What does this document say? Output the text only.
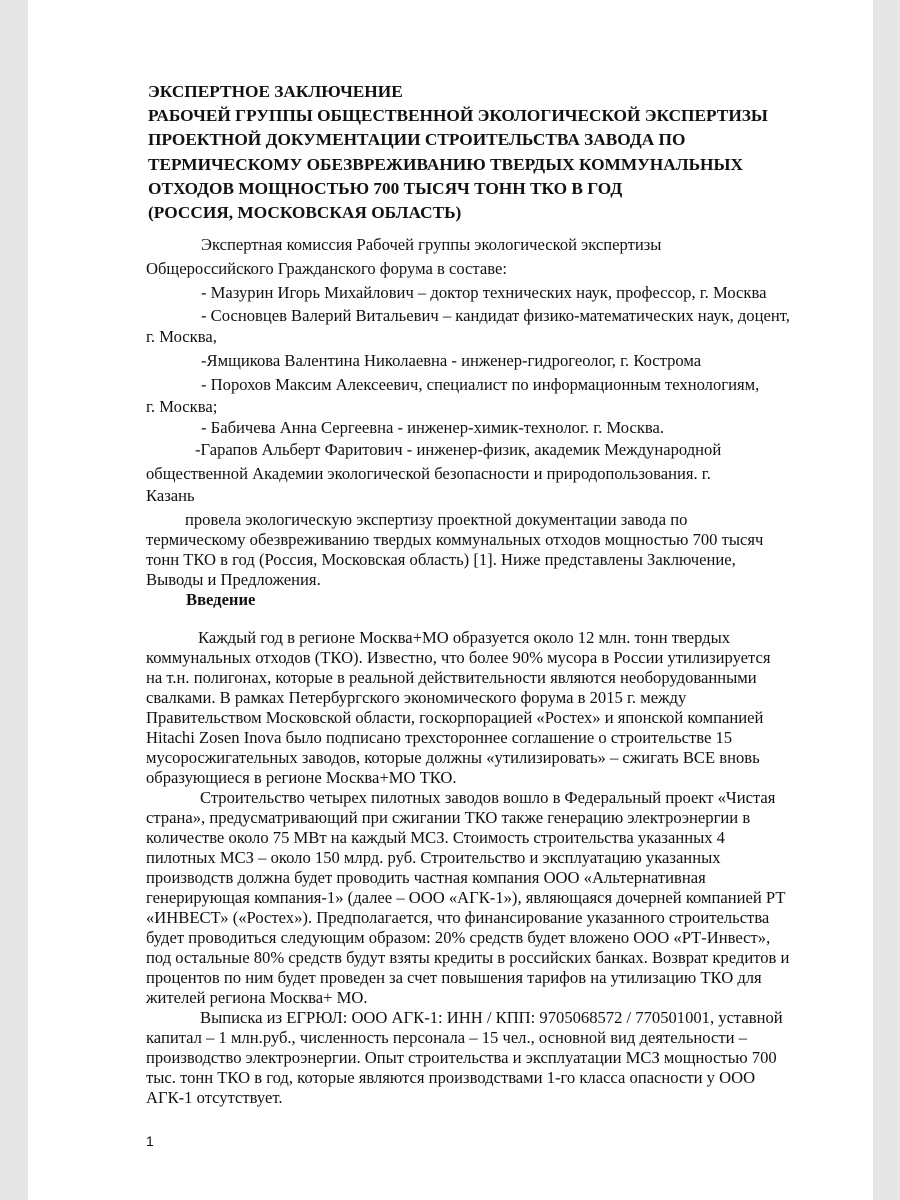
ЭКСПЕРТНОЕ ЗАКЛЮЧЕНИЕ
РАБОЧЕЙ ГРУППЫ ОБЩЕСТВЕННОЙ ЭКОЛОГИЧЕСКОЙ ЭКСПЕРТИЗЫ
ПРОЕКТНОЙ ДОКУМЕНТАЦИИ СТРОИТЕЛЬСТВА ЗАВОДА ПО
ТЕРМИЧЕСКОМУ ОБЕЗВРЕЖИВАНИЮ ТВЕРДЫХ КОММУНАЛЬНЫХ
ОТХОДОВ МОЩНОСТЬЮ 700 ТЫСЯЧ ТОНН ТКО В ГОД
(РОССИЯ, МОСКОВСКАЯ ОБЛАСТЬ)

Экспертная комиссия Рабочей группы экологической экспертизы

Общероссийского Гражданского форума в составе:

- Мазурин Игорь Михайлович – доктор технических наук, профессор, г. Москва

- Сосновцев Валерий Витальевич – кандидат физико-математических наук, доцент,

г. Москва,

-Ямщикова Валентина Николаевна - инженер-гидрогеолог, г. Кострома

- Порохов Максим Алексеевич, специалист по информационным технологиям,

г. Москва;

- Бабичева Анна Сергеевна - инженер-химик-технолог. г. Москва.

-Гарапов Альберт Фаритович - инженер-физик, академик Международной

общественной Академии экологической безопасности и природопользования. г.

Казань

провела экологическую экспертизу проектной документации завода по

термическому обезвреживанию твердых коммунальных отходов мощностью 700 тысяч

тонн ТКО в год (Россия, Московская область) [1]. Ниже представлены Заключение,

Выводы и Предложения.

Введение

Каждый год в регионе Москва+МО образуется около 12 млн. тонн твердых

коммунальных отходов (ТКО). Известно, что более 90% мусора в России утилизируется

на т.н. полигонах, которые в реальной действительности являются необорудованными

свалками. В рамках Петербургского экономического форума в 2015 г. между

Правительством Московской области, госкорпорацией «Ростех» и японской компанией

Hitachi Zosen Inova было подписано трехстороннее соглашение о строительстве 15

мусоросжигательных заводов, которые должны «утилизировать» – сжигать ВСЕ вновь

образующиеся в регионе Москва+МО ТКО.

Строительство четырех пилотных заводов вошло в Федеральный проект «Чистая

страна», предусматривающий при сжигании ТКО также генерацию электроэнергии в

количестве около 75 МВт на каждый МСЗ. Стоимость строительства указанных 4

пилотных МСЗ – около 150 млрд. руб. Строительство и эксплуатацию указанных

производств должна будет проводить частная компания ООО «Альтернативная

генерирующая компания-1» (далее – ООО «АГК-1»), являющаяся дочерней компанией РТ

«ИНВЕСТ» («Ростех»). Предполагается, что финансирование указанного строительства

будет проводиться следующим образом: 20% средств будет вложено ООО «РТ-Инвест»,

под остальные 80% средств будут взяты кредиты в российских банках. Возврат кредитов и

процентов по ним будет проведен за счет повышения тарифов на утилизацию ТКО для

жителей региона Москва+ МО.

Выписка из ЕГРЮЛ: ООО АГК-1: ИНН / КПП: 9705068572 / 770501001, уставной

капитал – 1 млн.руб., численность персонала – 15 чел., основной вид деятельности –

производство электроэнергии. Опыт строительства и эксплуатации МСЗ мощностью 700

тыс. тонн ТКО в год, которые являются производствами 1-го класса опасности у ООО

АГК-1 отсутствует.

1
